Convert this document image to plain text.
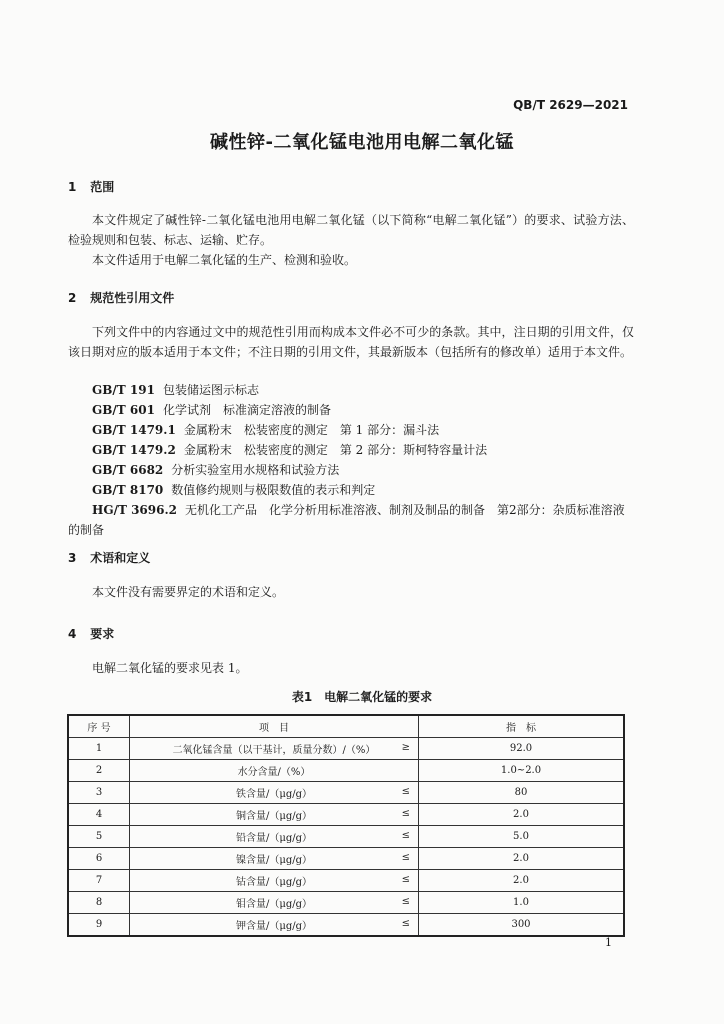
QB/T 2629—2021
碱性锌-二氧化锰电池用电解二氧化锰
1 范围
本文件规定了碱性锌-二氧化锰电池用电解二氧化锰（以下简称“电解二氧化锰”）的要求、试验方法、检验规则和包装、标志、运输、贮存。
本文件适用于电解二氧化锰的生产、检测和验收。
2 规范性引用文件
下列文件中的内容通过文中的规范性引用而构成本文件必不可少的条款。其中，注日期的引用文件，仅该日期对应的版本适用于本文件；不注日期的引用文件，其最新版本（包括所有的修改单）适用于本文件。
GB/T 191 包装储运图示标志
GB/T 601 化学试剂　标准滴定溶液的制备
GB/T 1479.1 金属粉末　松装密度的测定　第 1 部分：漏斗法
GB/T 1479.2 金属粉末　松装密度的测定　第 2 部分：斯柯特容量计法
GB/T 6682 分析实验室用水规格和试验方法
GB/T 8170 数值修约规则与极限数值的表示和判定
HG/T 3696.2 无机化工产品　化学分析用标准溶液、制剂及制品的制备　第2部分：杂质标准溶液的制备
3 术语和定义
本文件没有需要界定的术语和定义。
4 要求
电解二氧化锰的要求见表 1。
表1　电解二氧化锰的要求
序 号	项　目	指　标
1	二氧化锰含量（以干基计，质量分数）/（%） ≥	92.0
2	水分含量/（%）	1.0~2.0
3	铁含量/（μg/g） ≤	80
4	铜含量/（μg/g） ≤	2.0
5	铅含量/（μg/g） ≤	5.0
6	镍含量/（μg/g） ≤	2.0
7	钴含量/（μg/g） ≤	2.0
8	钼含量/（μg/g） ≤	1.0
9	钾含量/（μg/g） ≤	300
1
